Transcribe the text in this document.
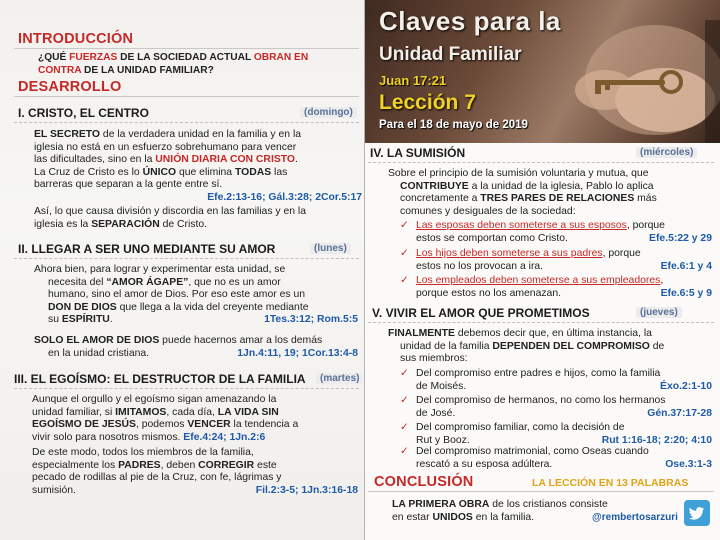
Claves para la
Unidad Familiar
Juan 17:21
Lección 7
Para el 18 de mayo de 2019
INTRODUCCIÓN
¿QUÉ FUERZAS DE LA SOCIEDAD ACTUAL OBRAN EN
CONTRA DE LA UNIDAD FAMILIAR?
DESARROLLO
I. CRISTO, EL CENTRO	(domingo)
EL SECRETO de la verdadera unidad en la familia y en la
iglesia no está en un esfuerzo sobrehumano para vencer
las dificultades, sino en la UNIÓN DIARIA CON CRISTO.
La Cruz de Cristo es lo ÚNICO que elimina TODAS las
barreras que separan a la gente entre sí.
Efe.2:13-16; Gál.3:28; 2Cor.5:17
Así, lo que causa división y discordia en las familias y en la
iglesia es la SEPARACIÓN de Cristo.
II. LLEGAR A SER UNO MEDIANTE SU AMOR	(lunes)
Ahora bien, para lograr y experimentar esta unidad, se
necesita del “AMOR ÁGAPE”, que no es un amor
humano, sino el amor de Dios. Por eso este amor es un
DON DE DIOS que llega a la vida del creyente mediante
su ESPÍRITU.	1Tes.3:12; Rom.5:5
SOLO EL AMOR DE DIOS puede hacernos amar a los demás
en la unidad cristiana.	1Jn.4:11, 19; 1Cor.13:4-8
III. EL EGOÍSMO: EL DESTRUCTOR DE LA FAMILIA	(martes)
Aunque el orgullo y el egoísmo sigan amenazando la
unidad familiar, si IMITAMOS, cada día, LA VIDA SIN
EGOÍSMO DE JESÚS, podemos VENCER la tendencia a
vivir solo para nosotros mismos. Efe.4:24; 1Jn.2:6
De este modo, todos los miembros de la familia,
especialmente los PADRES, deben CORREGIR este
pecado de rodillas al pie de la Cruz, con fe, lágrimas y
sumisión.	Fil.2:3-5; 1Jn.3:16-18
IV. LA SUMISIÓN	(miércoles)
Sobre el principio de la sumisión voluntaria y mutua, que
CONTRIBUYE a la unidad de la iglesia, Pablo lo aplica
concretamente a TRES PARES DE RELACIONES más
comunes y desiguales de la sociedad:
✓ Las esposas deben someterse a sus esposos, porque
estos se comportan como Cristo.	Efe.5:22 y 29
✓ Los hijos deben someterse a sus padres, porque
estos no los provocan a ira.	Efe.6:1 y 4
✓ Los empleados deben someterse a sus empleadores,
porque estos no los amenazan.	Efe.6:5 y 9
V. VIVIR EL AMOR QUE PROMETIMOS	(jueves)
FINALMENTE debemos decir que, en última instancia, la
unidad de la familia DEPENDEN DEL COMPROMISO de
sus miembros:
✓ Del compromiso entre padres e hijos, como la familia
de Moisés.	Éxo.2:1-10
✓ Del compromiso de hermanos, no como los hermanos
de José.	Gén.37:17-28
✓ Del compromiso familiar, como la decisión de
Rut y Booz.	Rut 1:16-18; 2:20; 4:10
✓ Del compromiso matrimonial, como Oseas cuando
rescató a su esposa adúltera.	Ose.3:1-3
CONCLUSIÓN	LA LECCIÓN EN 13 PALABRAS
LA PRIMERA OBRA de los cristianos consiste
en estar UNIDOS en la familia.	@rembertosarzuri
